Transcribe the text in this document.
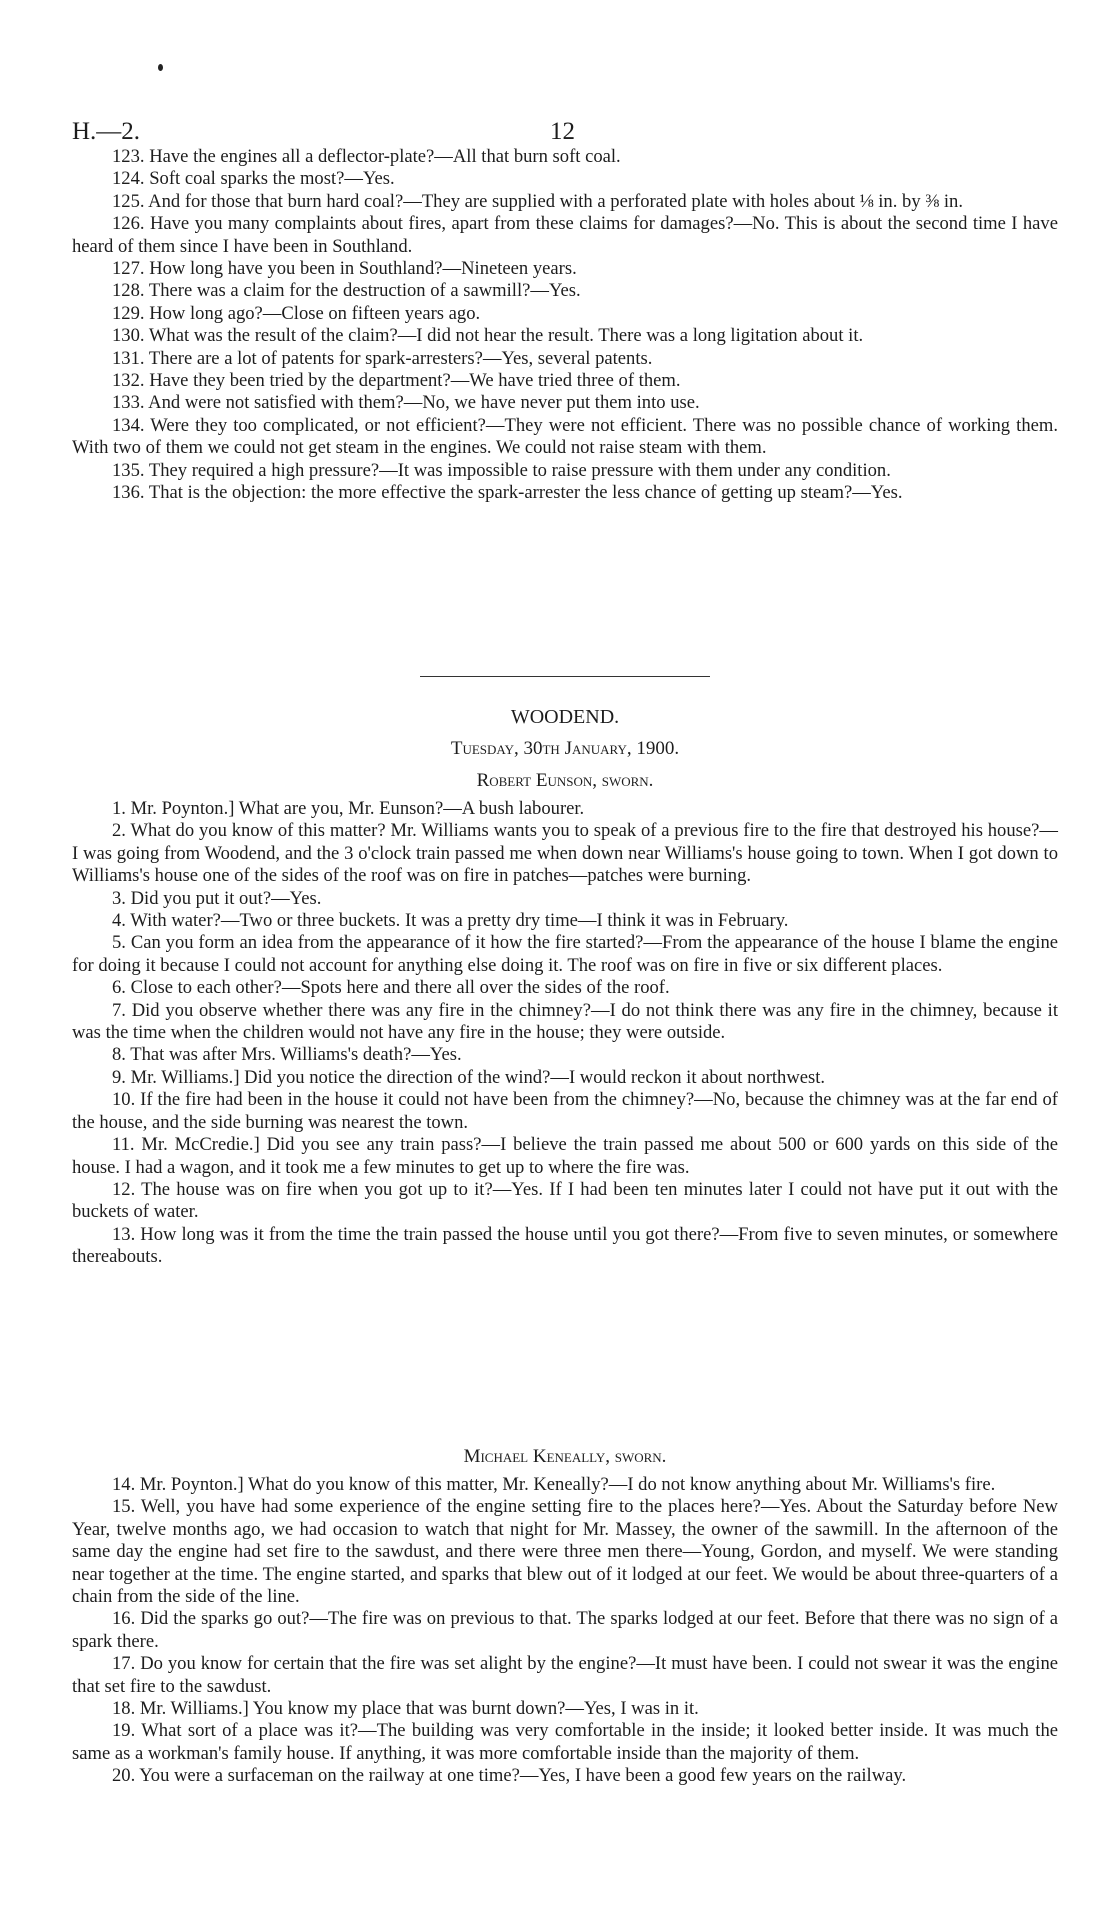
H.—2.	12

123. Have the engines all a deflector-plate?—All that burn soft coal.

124. Soft coal sparks the most?—Yes.

125. And for those that burn hard coal?—They are supplied with a perforated plate with holes about ⅛ in. by ⅜ in.

126. Have you many complaints about fires, apart from these claims for damages?—No. This is about the second time I have heard of them since I have been in Southland.

127. How long have you been in Southland?—Nineteen years.

128. There was a claim for the destruction of a sawmill?—Yes.

129. How long ago?—Close on fifteen years ago.

130. What was the result of the claim?—I did not hear the result. There was a long ligitation about it.

131. There are a lot of patents for spark-arresters?—Yes, several patents.

132. Have they been tried by the department?—We have tried three of them.

133. And were not satisfied with them?—No, we have never put them into use.

134. Were they too complicated, or not efficient?—They were not efficient. There was no possible chance of working them. With two of them we could not get steam in the engines. We could not raise steam with them.

135. They required a high pressure?—It was impossible to raise pressure with them under any condition.

136. That is the objection: the more effective the spark-arrester the less chance of getting up steam?—Yes.

WOODEND.
Tuesday, 30th January, 1900.
Robert Eunson, sworn.

1. Mr. Poynton.] What are you, Mr. Eunson?—A bush labourer.

2. What do you know of this matter? Mr. Williams wants you to speak of a previous fire to the fire that destroyed his house?—I was going from Woodend, and the 3 o'clock train passed me when down near Williams's house going to town. When I got down to Williams's house one of the sides of the roof was on fire in patches—patches were burning.

3. Did you put it out?—Yes.

4. With water?—Two or three buckets. It was a pretty dry time—I think it was in February.

5. Can you form an idea from the appearance of it how the fire started?—From the appearance of the house I blame the engine for doing it because I could not account for anything else doing it. The roof was on fire in five or six different places.

6. Close to each other?—Spots here and there all over the sides of the roof.

7. Did you observe whether there was any fire in the chimney?—I do not think there was any fire in the chimney, because it was the time when the children would not have any fire in the house; they were outside.

8. That was after Mrs. Williams's death?—Yes.

9. Mr. Williams.] Did you notice the direction of the wind?—I would reckon it about northwest.

10. If the fire had been in the house it could not have been from the chimney?—No, because the chimney was at the far end of the house, and the side burning was nearest the town.

11. Mr. McCredie.] Did you see any train pass?—I believe the train passed me about 500 or 600 yards on this side of the house. I had a wagon, and it took me a few minutes to get up to where the fire was.

12. The house was on fire when you got up to it?—Yes. If I had been ten minutes later I could not have put it out with the buckets of water.

13. How long was it from the time the train passed the house until you got there?—From five to seven minutes, or somewhere thereabouts.

Michael Keneally, sworn.

14. Mr. Poynton.] What do you know of this matter, Mr. Keneally?—I do not know anything about Mr. Williams's fire.

15. Well, you have had some experience of the engine setting fire to the places here?—Yes. About the Saturday before New Year, twelve months ago, we had occasion to watch that night for Mr. Massey, the owner of the sawmill. In the afternoon of the same day the engine had set fire to the sawdust, and there were three men there—Young, Gordon, and myself. We were standing near together at the time. The engine started, and sparks that blew out of it lodged at our feet. We would be about three-quarters of a chain from the side of the line.

16. Did the sparks go out?—The fire was on previous to that. The sparks lodged at our feet. Before that there was no sign of a spark there.

17. Do you know for certain that the fire was set alight by the engine?—It must have been. I could not swear it was the engine that set fire to the sawdust.

18. Mr. Williams.] You know my place that was burnt down?—Yes, I was in it.

19. What sort of a place was it?—The building was very comfortable in the inside; it looked better inside. It was much the same as a workman's family house. If anything, it was more comfortable inside than the majority of them.

20. You were a surfaceman on the railway at one time?—Yes, I have been a good few years on the railway.
